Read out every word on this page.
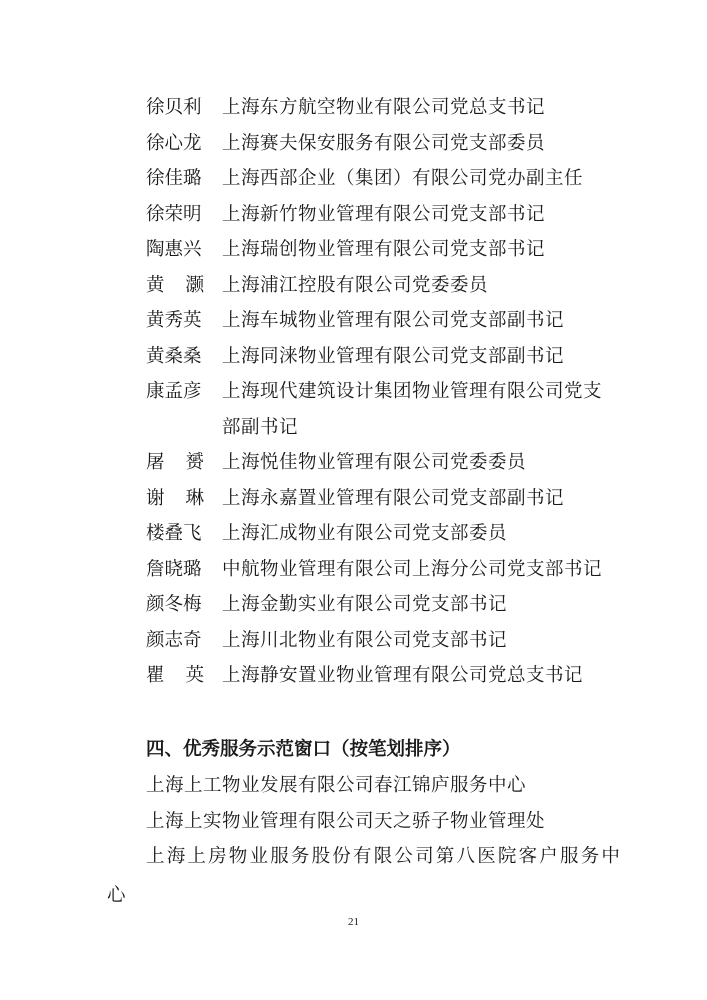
徐贝利	上海东方航空物业有限公司党总支书记
徐心龙	上海赛夫保安服务有限公司党支部委员
徐佳璐	上海西部企业（集团）有限公司党办副主任
徐荣明	上海新竹物业管理有限公司党支部书记
陶惠兴	上海瑞创物业管理有限公司党支部书记
黄 灏 上海浦江控股有限公司党委委员
黄秀英	上海车城物业管理有限公司党支部副书记
黄桑桑	上海同涞物业管理有限公司党支部副书记
康孟彦	上海现代建筑设计集团物业管理有限公司党支部副书记
屠 赟 上海悦佳物业管理有限公司党委委员
谢 琳 上海永嘉置业管理有限公司党支部副书记
楼叠飞	上海汇成物业有限公司党支部委员
詹晓璐	中航物业管理有限公司上海分公司党支部书记
颜冬梅	上海金勤实业有限公司党支部书记
颜志奇	上海川北物业有限公司党支部书记
瞿 英 上海静安置业物业管理有限公司党总支书记
四、优秀服务示范窗口（按笔划排序）
上海上工物业发展有限公司春江锦庐服务中心
上海上实物业管理有限公司天之骄子物业管理处
上海上房物业服务股份有限公司第八医院客户服务中
心
21
